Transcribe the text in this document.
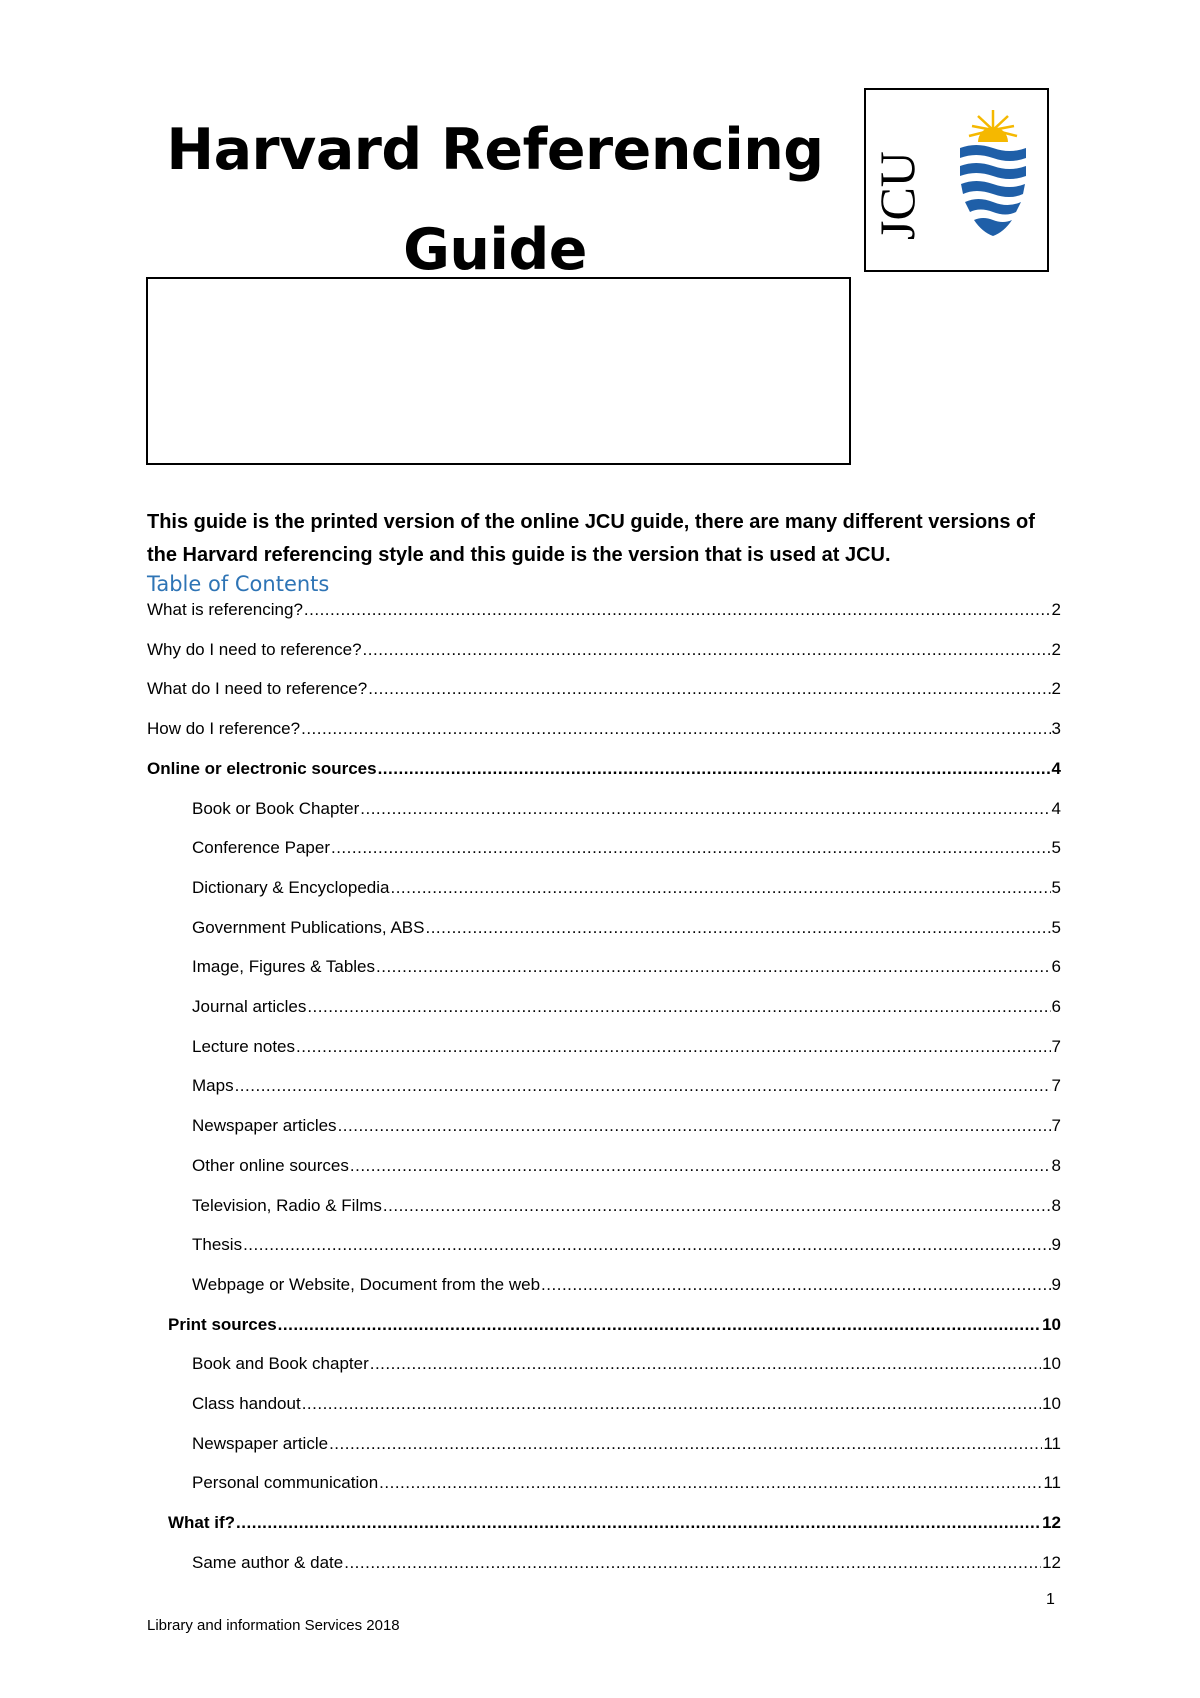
Harvard Referencing
Guide
JCU

This guide is the printed version of the online JCU guide, there are many different versions of the Harvard referencing style and this guide is the version that is used at JCU.

Table of Contents
What is referencing? .....	2
Why do I need to reference? .....	2
What do I need to reference? .....	2
How do I reference? .....	3
Online or electronic sources .....	4
Book or Book Chapter .....	4
Conference Paper .....	5
Dictionary & Encyclopedia .....	5
Government Publications, ABS .....	5
Image, Figures & Tables .....	6
Journal articles .....	6
Lecture notes .....	7
Maps .....	7
Newspaper articles .....	7
Other online sources .....	8
Television, Radio & Films .....	8
Thesis .....	9
Webpage or Website, Document from the web .....	9
Print sources .....	10
Book and Book chapter .....	10
Class handout .....	10
Newspaper article .....	11
Personal communication .....	11
What if? .....	12
Same author & date .....	12
1
Library and information Services 2018
